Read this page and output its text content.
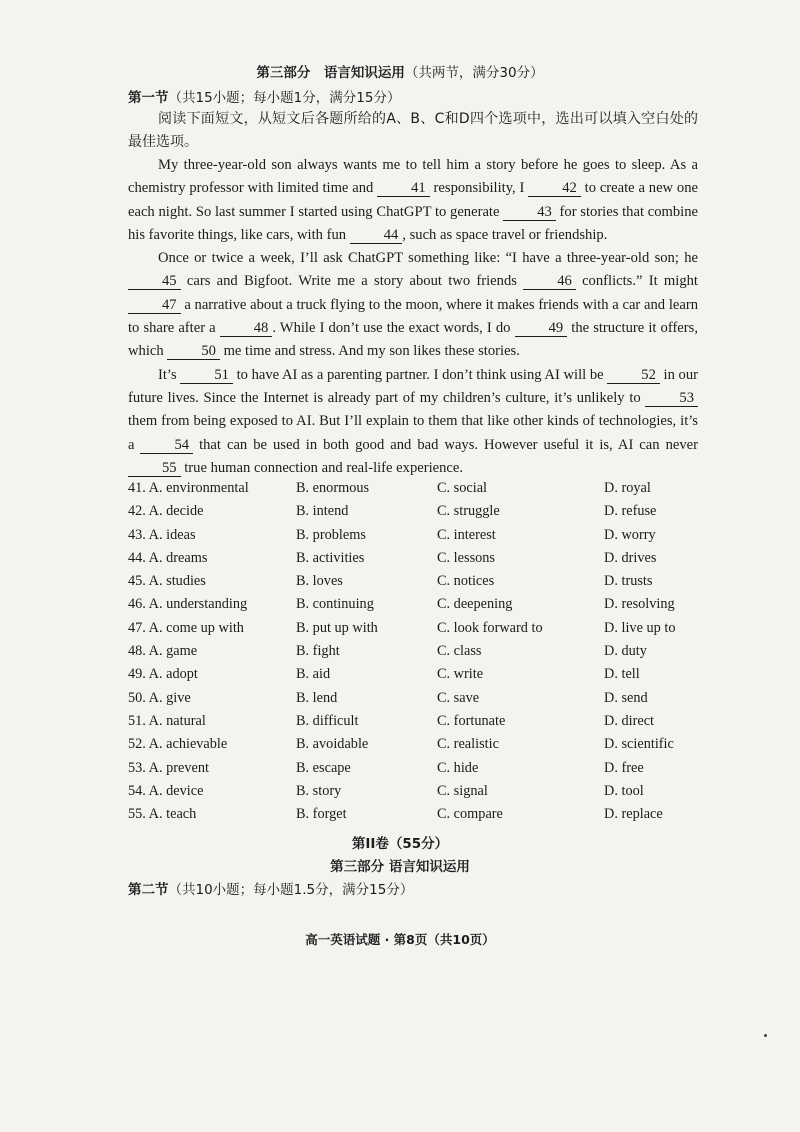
第三部分　语言知识运用（共两节，满分30分）
第一节（共15小题；每小题1分，满分15分）
阅读下面短文，从短文后各题所给的A、B、C和D四个选项中，选出可以填入空白处的最佳选项。

My three-year-old son always wants me to tell him a story before he goes to sleep. As a chemistry professor with limited time and 41 responsibility, I 42 to create a new one each night. So last summer I started using ChatGPT to generate 43 for stories that combine his favorite things, like cars, with fun 44 , such as space travel or friendship.

Once or twice a week, I’ll ask ChatGPT something like: “I have a three-year-old son; he 45 cars and Bigfoot. Write me a story about two friends 46 conflicts.” It might 47 a narrative about a truck flying to the moon, where it makes friends with a car and learn to share after a 48 . While I don’t use the exact words, I do 49 the structure it offers, which 50 me time and stress. And my son likes these stories.

It’s 51 to have AI as a parenting partner. I don’t think using AI will be 52 in our future lives. Since the Internet is already part of my children’s culture, it’s unlikely to 53 them from being exposed to AI. But I’ll explain to them that like other kinds of technologies, it’s a 54 that can be used in both good and bad ways. However useful it is, AI can never 55 true human connection and real-life experience.

41. A. environmental	B. enormous	C. social	D. royal
42. A. decide	B. intend	C. struggle	D. refuse
43. A. ideas	B. problems	C. interest	D. worry
44. A. dreams	B. activities	C. lessons	D. drives
45. A. studies	B. loves	C. notices	D. trusts
46. A. understanding	B. continuing	C. deepening	D. resolving
47. A. come up with	B. put up with	C. look forward to	D. live up to
48. A. game	B. fight	C. class	D. duty
49. A. adopt	B. aid	C. write	D. tell
50. A. give	B. lend	C. save	D. send
51. A. natural	B. difficult	C. fortunate	D. direct
52. A. achievable	B. avoidable	C. realistic	D. scientific
53. A. prevent	B. escape	C. hide	D. free
54. A. device	B. story	C. signal	D. tool
55. A. teach	B. forget	C. compare	D. replace
第II卷（55分）
第三部分 语言知识运用
第二节（共10小题；每小题1.5分，满分15分）
高一英语试题 · 第8页（共10页）
